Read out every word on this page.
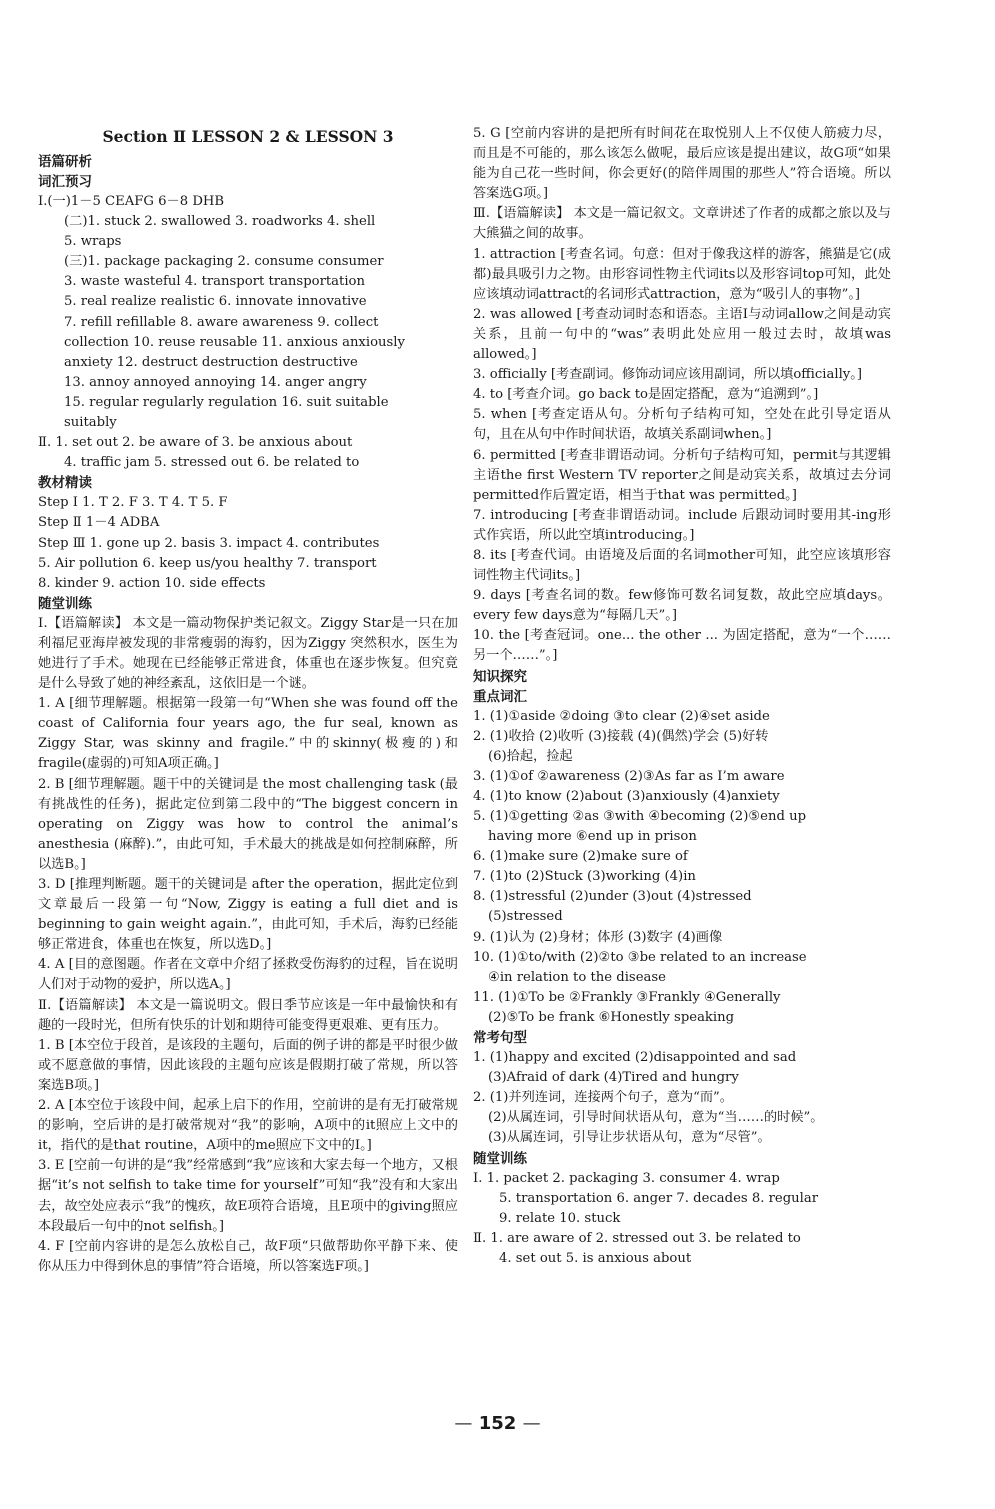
Section Ⅱ LESSON 2 & LESSON 3
语篇研析
词汇预习
Ⅰ.(一)1－5 CEAFG 6－8 DHB
(二)1. stuck 2. swallowed 3. roadworks 4. shell
5. wraps
(三)1. package packaging 2. consume consumer
3. waste wasteful 4. transport transportation
5. real realize realistic 6. innovate innovative
7. refill refillable 8. aware awareness 9. collect
collection 10. reuse reusable 11. anxious anxiously
anxiety 12. destruct destruction destructive
13. annoy annoyed annoying 14. anger angry
15. regular regularly regulation 16. suit suitable
suitably
Ⅱ. 1. set out 2. be aware of 3. be anxious about
4. traffic jam 5. stressed out 6. be related to
教材精读
Step Ⅰ 1. T 2. F 3. T 4. T 5. F
Step Ⅱ 1－4 ADBA
Step Ⅲ 1. gone up 2. basis 3. impact 4. contributes
5. Air pollution 6. keep us/you healthy 7. transport
8. kinder 9. action 10. side effects
随堂训练
Ⅰ.【语篇解读】 本文是一篇动物保护类记叙文。Ziggy Star是一只在加利福尼亚海岸被发现的非常瘦弱的海豹，因为Ziggy 突然积水，医生为她进行了手术。她现在已经能够正常进食，体重也在逐步恢复。但究竟是什么导致了她的神经紊乱，这依旧是一个谜。
1. A [细节理解题。根据第一段第一句“When she was found off the coast of California four years ago, the fur seal, known as Ziggy Star, was skinny and fragile.”中的skinny(极瘦的)和fragile(虚弱的)可知A项正确。]
2. B [细节理解题。题干中的关键词是 the most challenging task (最有挑战性的任务)，据此定位到第二段中的“The biggest concern in operating on Ziggy was how to control the animal’s anesthesia (麻醉).”，由此可知，手术最大的挑战是如何控制麻醉，所以选B。]
3. D [推理判断题。题干的关键词是 after the operation，据此定位到文章最后一段第一句“Now, Ziggy is eating a full diet and is beginning to gain weight again.”，由此可知，手术后，海豹已经能够正常进食，体重也在恢复，所以选D。]
4. A [目的意图题。作者在文章中介绍了拯救受伤海豹的过程，旨在说明人们对于动物的爱护，所以选A。]
Ⅱ.【语篇解读】 本文是一篇说明文。假日季节应该是一年中最愉快和有趣的一段时光，但所有快乐的计划和期待可能变得更艰难、更有压力。
1. B [本空位于段首，是该段的主题句，后面的例子讲的都是平时很少做或不愿意做的事情，因此该段的主题句应该是假期打破了常规，所以答案选B项。]
2. A [本空位于该段中间，起承上启下的作用，空前讲的是有无打破常规的影响，空后讲的是打破常规对“我”的影响，A项中的it照应上文中的it，指代的是that routine，A项中的me照应下文中的I。]
3. E [空前一句讲的是“我”经常感到“我”应该和大家去每一个地方，又根据“it’s not selfish to take time for yourself”可知“我”没有和大家出去，故空处应表示“我”的愧疚，故E项符合语境，且E项中的giving照应本段最后一句中的not selfish。]
4. F [空前内容讲的是怎么放松自己，故F项“只做帮助你平静下来、使你从压力中得到休息的事情”符合语境，所以答案选F项。]
5. G [空前内容讲的是把所有时间花在取悦别人上不仅使人筋疲力尽，而且是不可能的，那么该怎么做呢，最后应该是提出建议，故G项“如果能为自己花一些时间，你会更好(的陪伴周围的那些人”符合语境。所以答案选G项。]
Ⅲ.【语篇解读】 本文是一篇记叙文。文章讲述了作者的成都之旅以及与大熊猫之间的故事。
1. attraction [考查名词。句意：但对于像我这样的游客，熊猫是它(成都)最具吸引力之物。由形容词性物主代词its以及形容词top可知，此处应该填动词attract的名词形式attraction，意为“吸引人的事物”。]
2. was allowed [考查动词时态和语态。主语I与动词allow之间是动宾关系，且前一句中的“was”表明此处应用一般过去时，故填was allowed。]
3. officially [考查副词。修饰动词应该用副词，所以填officially。]
4. to [考查介词。go back to是固定搭配，意为“追溯到”。]
5. when [考查定语从句。分析句子结构可知，空处在此引导定语从句，且在从句中作时间状语，故填关系副词when。]
6. permitted [考查非谓语动词。分析句子结构可知，permit与其逻辑主语the first Western TV reporter之间是动宾关系，故填过去分词permitted作后置定语，相当于that was permitted。]
7. introducing [考查非谓语动词。include 后跟动词时要用其-ing形式作宾语，所以此空填introducing。]
8. its [考查代词。由语境及后面的名词mother可知，此空应该填形容词性物主代词its。]
9. days [考查名词的数。few修饰可数名词复数，故此空应填days。every few days意为“每隔几天”。]
10. the [考查冠词。one... the other ... 为固定搭配，意为“一个……另一个……”。]
知识探究
重点词汇
1. (1)①aside ②doing ③to clear (2)④set aside
2. (1)收拾 (2)收听 (3)接载 (4)(偶然)学会 (5)好转
(6)拾起，捡起
3. (1)①of ②awareness (2)③As far as I’m aware
4. (1)to know (2)about (3)anxiously (4)anxiety
5. (1)①getting ②as ③with ④becoming (2)⑤end up
having more ⑥end up in prison
6. (1)make sure (2)make sure of
7. (1)to (2)Stuck (3)working (4)in
8. (1)stressful (2)under (3)out (4)stressed
(5)stressed
9. (1)认为 (2)身材；体形 (3)数字 (4)画像
10. (1)①to/with (2)②to ③be related to an increase
④in relation to the disease
11. (1)①To be ②Frankly ③Frankly ④Generally
(2)⑤To be frank ⑥Honestly speaking
常考句型
1. (1)happy and excited (2)disappointed and sad
(3)Afraid of dark (4)Tired and hungry
2. (1)并列连词，连接两个句子，意为“而”。
(2)从属连词，引导时间状语从句，意为“当……的时候”。
(3)从属连词，引导让步状语从句，意为“尽管”。
随堂训练
Ⅰ. 1. packet 2. packaging 3. consumer 4. wrap
5. transportation 6. anger 7. decades 8. regular
9. relate 10. stuck
Ⅱ. 1. are aware of 2. stressed out 3. be related to
4. set out 5. is anxious about
— 152 —
